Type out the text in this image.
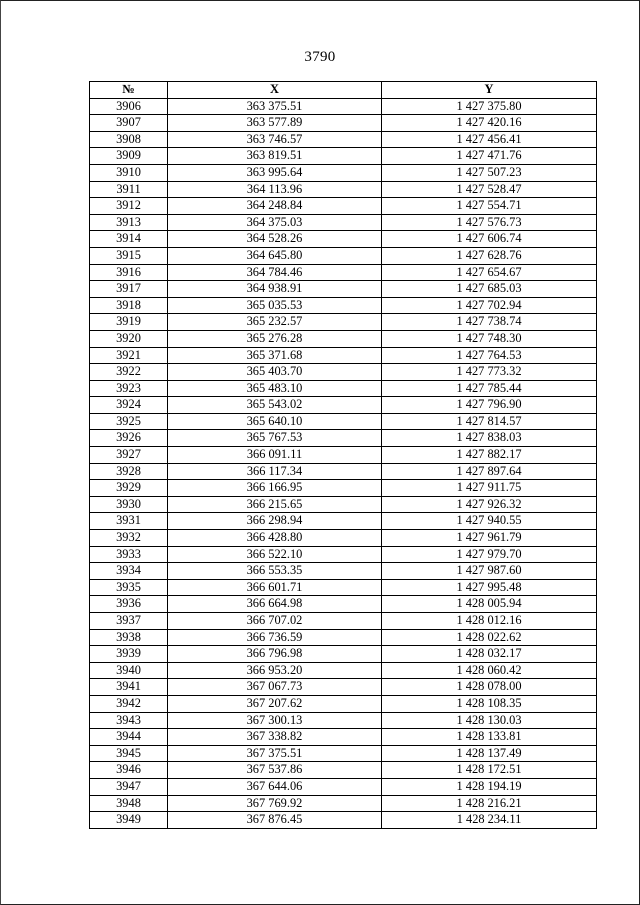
3790
№	X	Y
3906	363 375.51	1 427 375.80
3907	363 577.89	1 427 420.16
3908	363 746.57	1 427 456.41
3909	363 819.51	1 427 471.76
3910	363 995.64	1 427 507.23
3911	364 113.96	1 427 528.47
3912	364 248.84	1 427 554.71
3913	364 375.03	1 427 576.73
3914	364 528.26	1 427 606.74
3915	364 645.80	1 427 628.76
3916	364 784.46	1 427 654.67
3917	364 938.91	1 427 685.03
3918	365 035.53	1 427 702.94
3919	365 232.57	1 427 738.74
3920	365 276.28	1 427 748.30
3921	365 371.68	1 427 764.53
3922	365 403.70	1 427 773.32
3923	365 483.10	1 427 785.44
3924	365 543.02	1 427 796.90
3925	365 640.10	1 427 814.57
3926	365 767.53	1 427 838.03
3927	366 091.11	1 427 882.17
3928	366 117.34	1 427 897.64
3929	366 166.95	1 427 911.75
3930	366 215.65	1 427 926.32
3931	366 298.94	1 427 940.55
3932	366 428.80	1 427 961.79
3933	366 522.10	1 427 979.70
3934	366 553.35	1 427 987.60
3935	366 601.71	1 427 995.48
3936	366 664.98	1 428 005.94
3937	366 707.02	1 428 012.16
3938	366 736.59	1 428 022.62
3939	366 796.98	1 428 032.17
3940	366 953.20	1 428 060.42
3941	367 067.73	1 428 078.00
3942	367 207.62	1 428 108.35
3943	367 300.13	1 428 130.03
3944	367 338.82	1 428 133.81
3945	367 375.51	1 428 137.49
3946	367 537.86	1 428 172.51
3947	367 644.06	1 428 194.19
3948	367 769.92	1 428 216.21
3949	367 876.45	1 428 234.11
